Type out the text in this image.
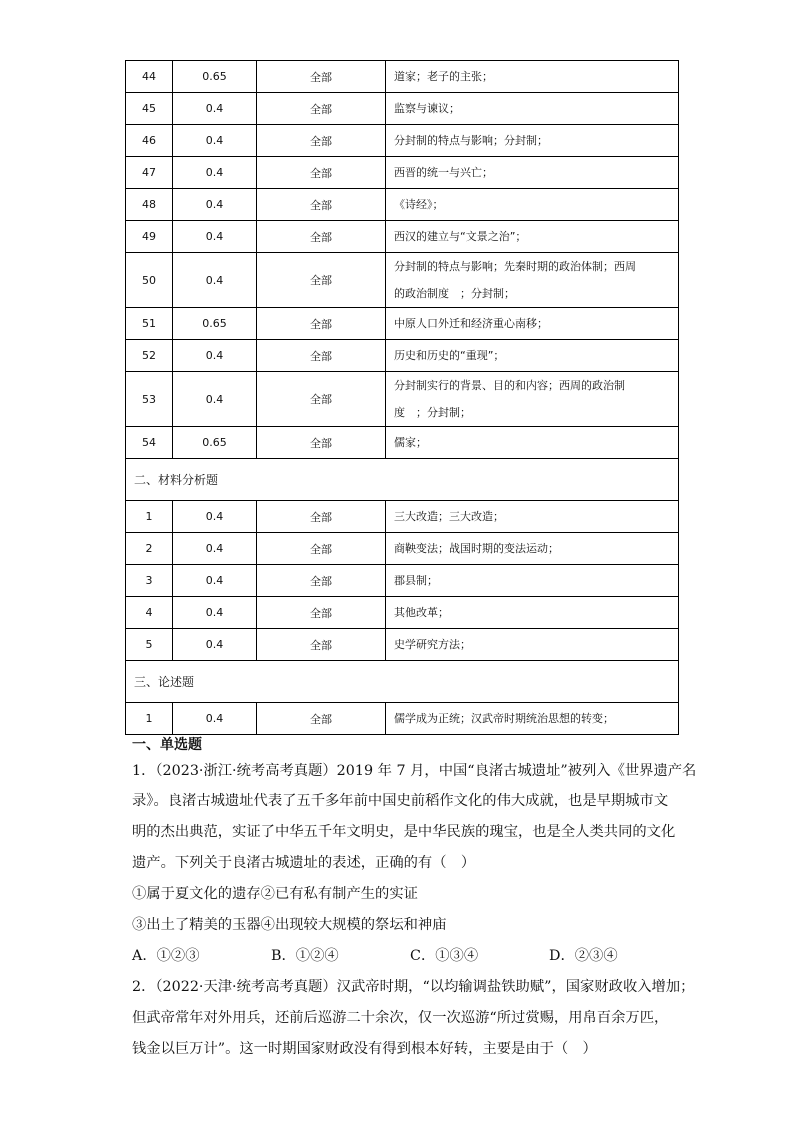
44	0.65	全部	道家；老子的主张；

45	0.4	全部	监察与谏议；

46	0.4	全部	分封制的特点与影响；分封制；

47	0.4	全部	西晋的统一与兴亡；

48	0.4	全部	《诗经》；

49	0.4	全部	西汉的建立与“文景之治”；

50	0.4	全部	分封制的特点与影响；先秦时期的政治体制；西周
的政治制度　；分封制；

51	0.65	全部	中原人口外迁和经济重心南移；

52	0.4	全部	历史和历史的“重现”；

53	0.4	全部	分封制实行的背景、目的和内容；西周的政治制
度　；分封制；

54	0.65	全部	儒家；

二、材料分析题			
1	0.4	全部	三大改造；三大改造；

2	0.4	全部	商鞅变法；战国时期的变法运动；

3	0.4	全部	郡县制；

4	0.4	全部	其他改革；

5	0.4	全部	史学研究方法；

三、论述题			
1	0.4	全部	儒学成为正统；汉武帝时期统治思想的转变；
一、单选题
1．（2023·浙江·统考高考真题）2019 年 7 月，中国“良渚古城遗址”被列入《世界遗产名
录》。良渚古城遗址代表了五千多年前中国史前稻作文化的伟大成就，也是早期城市文
明的杰出典范，实证了中华五千年文明史，是中华民族的瑰宝，也是全人类共同的文化
遗产。下列关于良渚古城遗址的表述，正确的有（　）
①属于夏文化的遗存②已有私有制产生的实证
③出土了精美的玉器④出现较大规模的祭坛和神庙
A．①②③	B．①②④	C．①③④	D．②③④
2．（2022·天津·统考高考真题）汉武帝时期，“以均输调盐铁助赋”，国家财政收入增加；
但武帝常年对外用兵，还前后巡游二十余次，仅一次巡游“所过赏赐，用帛百余万匹，
钱金以巨万计”。这一时期国家财政没有得到根本好转，主要是由于（　）
